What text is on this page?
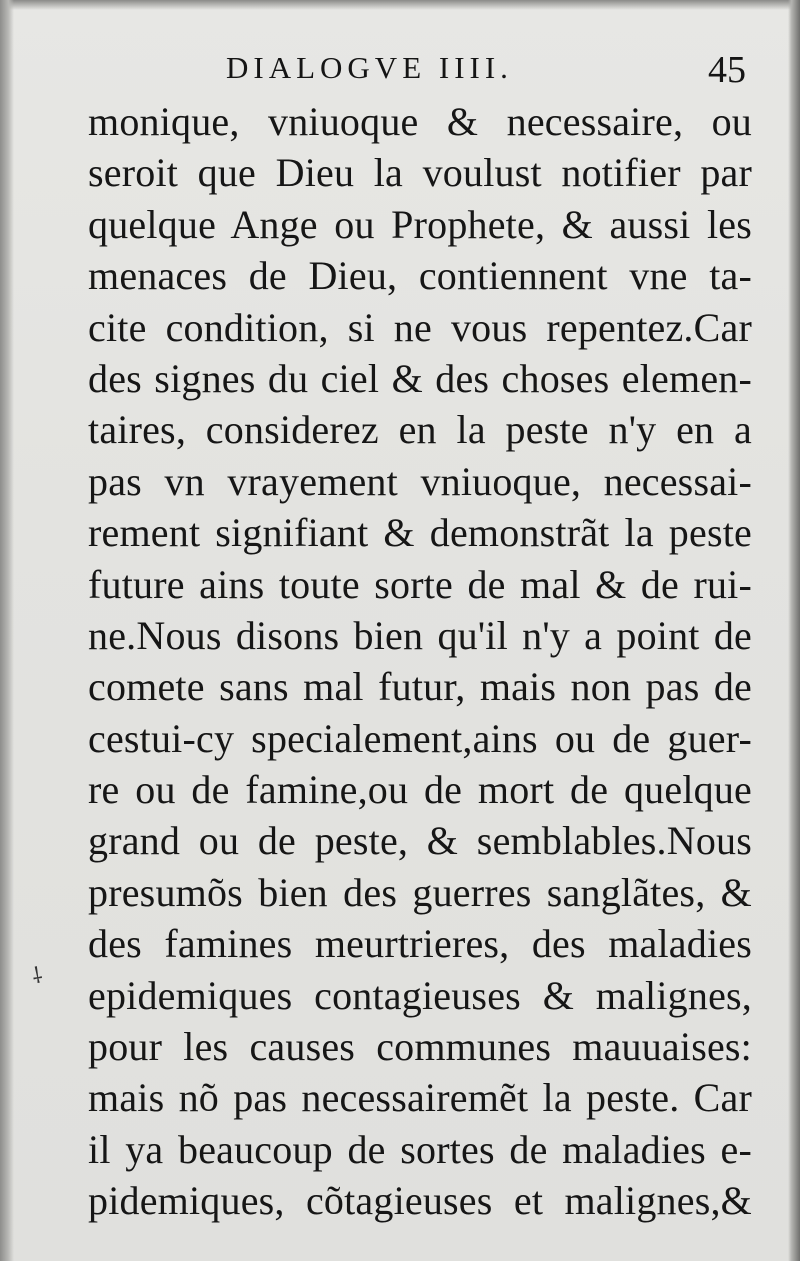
DIALOGVE IIII.	45
⸸
monique, vniuoque & necessaire, ou
seroit que Dieu la voulust notifier par
quelque Ange ou Prophete, & aussi les
menaces de Dieu, contiennent vne ta-
cite condition, si ne vous repentez.Car
des signes du ciel & des choses elemen-
taires, considerez en la peste n'y en a
pas vn vrayement vniuoque, necessai-
rement signifiant & demonstrãt la peste
future ains toute sorte de mal & de rui-
ne.Nous disons bien qu'il n'y a point de
comete sans mal futur, mais non pas de
cestui-cy specialement,ains ou de guer-
re ou de famine,ou de mort de quelque
grand ou de peste, & semblables.Nous
presumõs bien des guerres sanglãtes, &
des famines meurtrieres, des maladies
epidemiques contagieuses & malignes,
pour les causes communes mauuaises:
mais nõ pas necessairemẽt la peste. Car
il ya beaucoup de sortes de maladies e-
pidemiques, cõtagieuses et malignes,&
